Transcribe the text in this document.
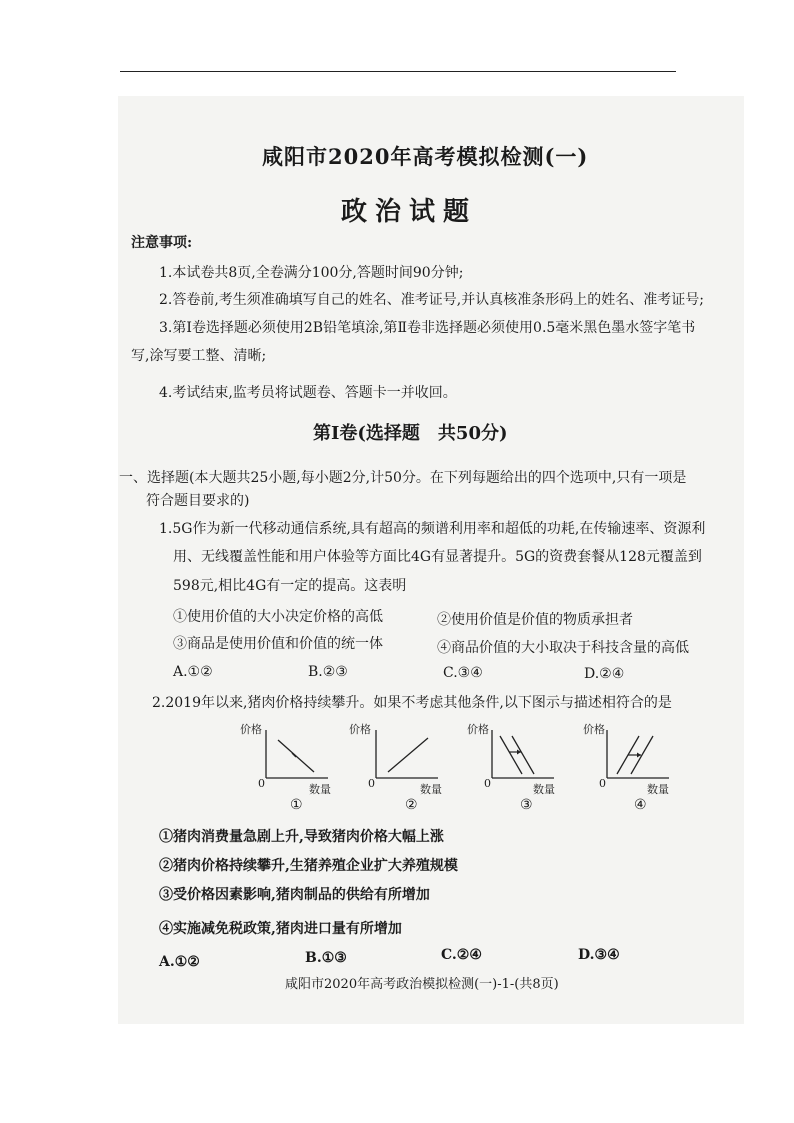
咸阳市2020年高考模拟检测(一)
政治试题
注意事项:
1.本试卷共8页,全卷满分100分,答题时间90分钟;
2.答卷前,考生须准确填写自己的姓名、准考证号,并认真核准条形码上的姓名、准考证号;
3.第Ⅰ卷选择题必须使用2B铅笔填涂,第Ⅱ卷非选择题必须使用0.5毫米黑色墨水签字笔书
写,涂写要工整、清晰;
4.考试结束,监考员将试题卷、答题卡一并收回。
第Ⅰ卷(选择题　共50分)
一、选择题(本大题共25小题,每小题2分,计50分。在下列每题给出的四个选项中,只有一项是
符合题目要求的)
1.5G作为新一代移动通信系统,具有超高的频谱利用率和超低的功耗,在传输速率、资源利
用、无线覆盖性能和用户体验等方面比4G有显著提升。5G的资费套餐从128元覆盖到
598元,相比4G有一定的提高。这表明
①使用价值的大小决定价格的高低	②使用价值是价值的物质承担者
③商品是使用价值和价值的统一体	④商品价值的大小取决于科技含量的高低
A.①②	B.②③	C.③④	D.②④
2.2019年以来,猪肉价格持续攀升。如果不考虑其他条件,以下图示与描述相符合的是
价格
0	数量
①
价格
0	数量
②
价格
0	数量
③
价格
0	数量
④
①猪肉消费量急剧上升,导致猪肉价格大幅上涨
②猪肉价格持续攀升,生猪养殖企业扩大养殖规模
③受价格因素影响,猪肉制品的供给有所增加
④实施减免税政策,猪肉进口量有所增加
A.①②	B.①③	C.②④	D.③④
咸阳市2020年高考政治模拟检测(一)-1-(共8页)
